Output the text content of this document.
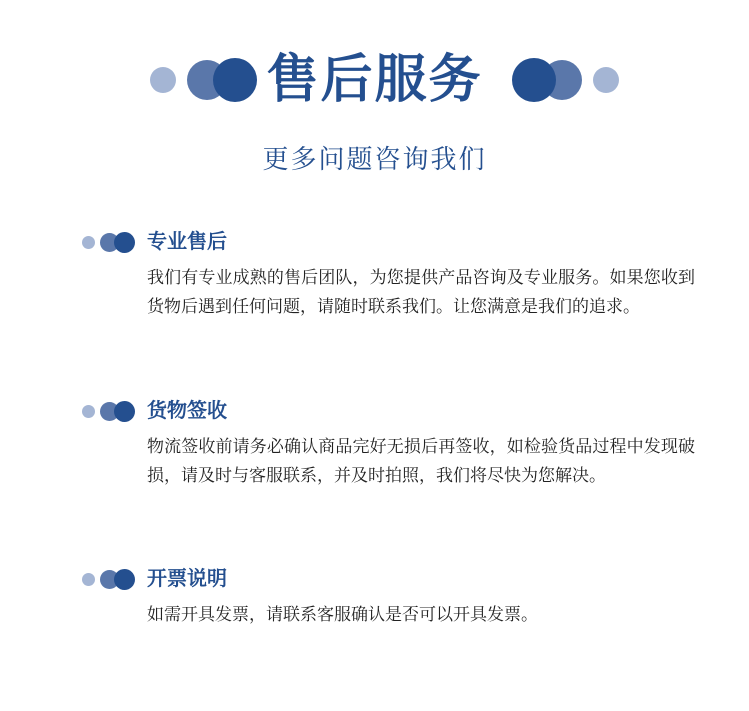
售后服务
更多问题咨询我们
专业售后
我们有专业成熟的售后团队，为您提供产品咨询及专业服务。如果您收到货物后遇到任何问题，请随时联系我们。让您满意是我们的追求。
货物签收
物流签收前请务必确认商品完好无损后再签收，如检验货品过程中发现破损，请及时与客服联系，并及时拍照，我们将尽快为您解决。
开票说明
如需开具发票，请联系客服确认是否可以开具发票。
